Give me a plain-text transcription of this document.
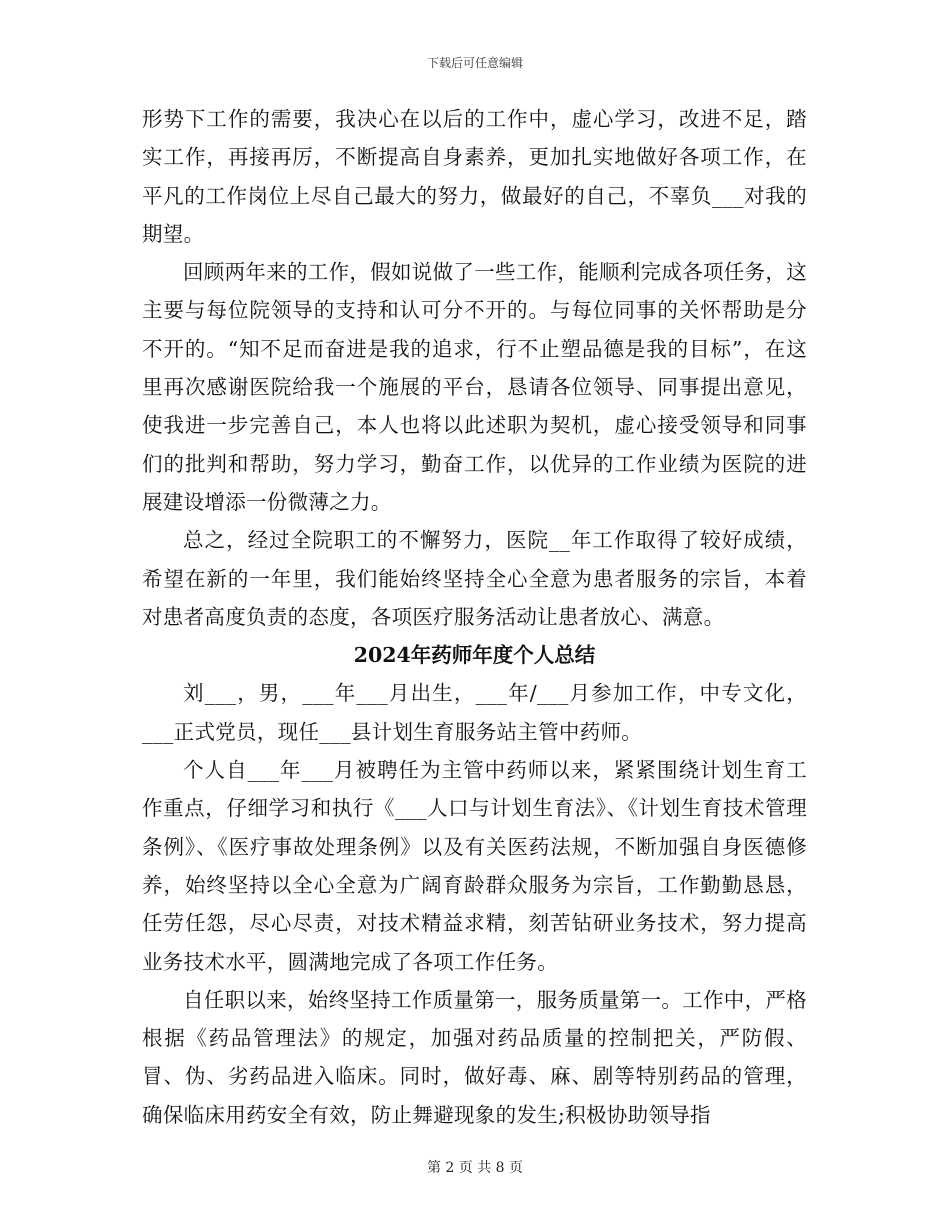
下载后可任意编辑

形势下工作的需要，我决心在以后的工作中，虚心学习，改进不足，踏实工作，再接再厉，不断提高自身素养，更加扎实地做好各项工作，在平凡的工作岗位上尽自己最大的努力，做最好的自己，不辜负___对我的期望。

回顾两年来的工作，假如说做了一些工作，能顺利完成各项任务，这主要与每位院领导的支持和认可分不开的。与每位同事的关怀帮助是分不开的。“知不足而奋进是我的追求，行不止塑品德是我的目标”，在这里再次感谢医院给我一个施展的平台，恳请各位领导、同事提出意见，使我进一步完善自己，本人也将以此述职为契机，虚心接受领导和同事们的批判和帮助，努力学习，勤奋工作，以优异的工作业绩为医院的进展建设增添一份微薄之力。

总之，经过全院职工的不懈努力，医院__年工作取得了较好成绩，希望在新的一年里，我们能始终坚持全心全意为患者服务的宗旨，本着对患者高度负责的态度，各项医疗服务活动让患者放心、满意。

2024年药师年度个人总结

刘___，男，___年___月出生，___年/___月参加工作，中专文化，___正式党员，现任___县计划生育服务站主管中药师。

个人自___年___月被聘任为主管中药师以来，紧紧围绕计划生育工作重点，仔细学习和执行《___人口与计划生育法》、《计划生育技术管理条例》、《医疗事故处理条例》以及有关医药法规，不断加强自身医德修养，始终坚持以全心全意为广阔育龄群众服务为宗旨，工作勤勤恳恳，任劳任怨，尽心尽责，对技术精益求精，刻苦钻研业务技术，努力提高业务技术水平，圆满地完成了各项工作任务。

自任职以来，始终坚持工作质量第一，服务质量第一。工作中，严格根据《药品管理法》的规定，加强对药品质量的控制把关，严防假、冒、伪、劣药品进入临床。同时，做好毒、麻、剧等特别药品的管理，确保临床用药安全有效，防止舞避现象的发生;积极协助领导指

第 2 页 共 8 页
